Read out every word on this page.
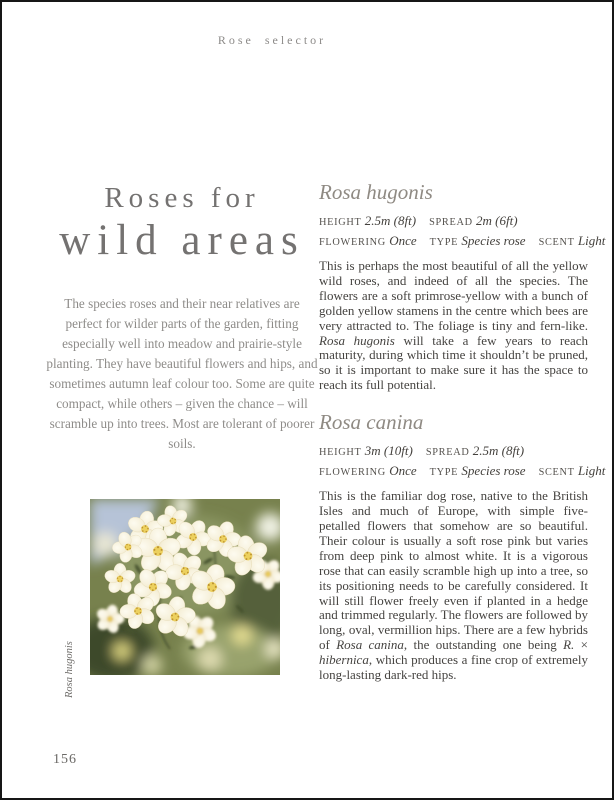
Rose selector
Roses for
wild areas
The species roses and their near relatives are perfect for wilder parts of the garden, fitting especially well into meadow and prairie-style planting. They have beautiful flowers and hips, and sometimes autumn leaf colour too. Some are quite compact, while others – given the chance – will scramble up into trees. Most are tolerant of poorer soils.
Rosa hugonis
Rosa hugonis
HEIGHT 2.5m (8ft) SPREAD 2m (6ft)
FLOWERING Once TYPE Species rose SCENT Light
This is perhaps the most beautiful of all the yellow wild roses, and indeed of all the species. The flowers are a soft primrose-yellow with a bunch of golden yellow stamens in the centre which bees are very attracted to. The foliage is tiny and fern-like. Rosa hugonis will take a few years to reach maturity, during which time it shouldn’t be pruned, so it is important to make sure it has the space to reach its full potential.
Rosa canina
HEIGHT 3m (10ft) SPREAD 2.5m (8ft)
FLOWERING Once TYPE Species rose SCENT Light
This is the familiar dog rose, native to the British Isles and much of Europe, with simple five-petalled flowers that somehow are so beautiful. Their colour is usually a soft rose pink but varies from deep pink to almost white. It is a vigorous rose that can easily scramble high up into a tree, so its positioning needs to be carefully considered. It will still flower freely even if planted in a hedge and trimmed regularly. The flowers are followed by long, oval, vermillion hips. There are a few hybrids of Rosa canina, the outstanding one being R. × hibernica, which produces a fine crop of extremely long-lasting dark-red hips.
156
